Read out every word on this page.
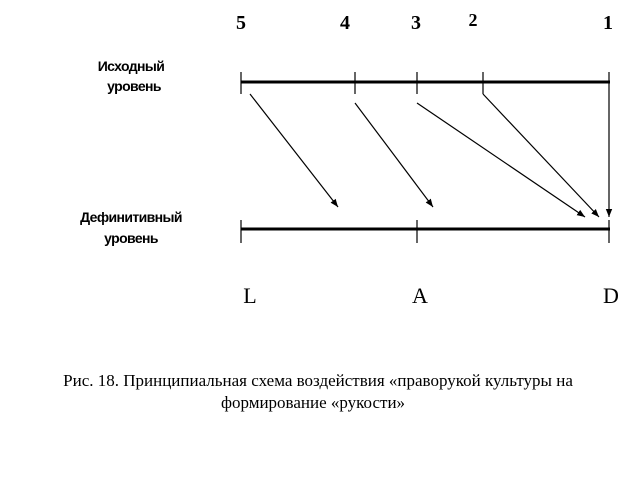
5	4	3	2	1
Исходный
уровень
Дефинитивный
уровень
L	A	D
Рис. 18. Принципиальная схема воздействия «праворукой культуры на
формирование «рукости»
